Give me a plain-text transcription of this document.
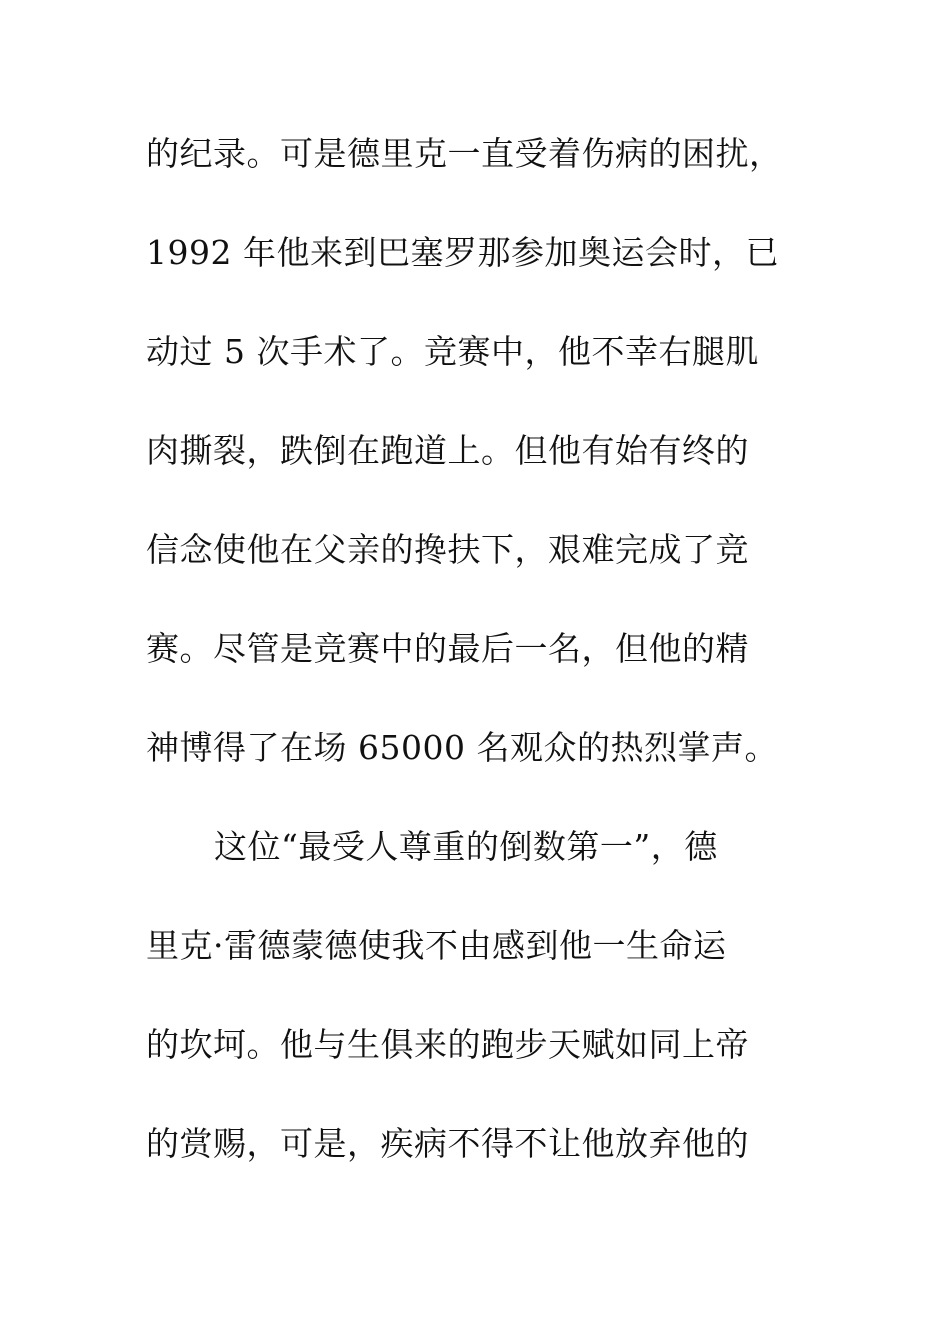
的纪录。可是德里克一直受着伤病的困扰，
1992 年他来到巴塞罗那参加奥运会时，已
动过 5 次手术了。竞赛中，他不幸右腿肌
肉撕裂，跌倒在跑道上。但他有始有终的
信念使他在父亲的搀扶下，艰难完成了竞
赛。尽管是竞赛中的最后一名，但他的精
神博得了在场 65000 名观众的热烈掌声。
这位“最受人尊重的倒数第一”，德
里克·雷德蒙德使我不由感到他一生命运
的坎坷。他与生俱来的跑步天赋如同上帝
的赏赐，可是，疾病不得不让他放弃他的
